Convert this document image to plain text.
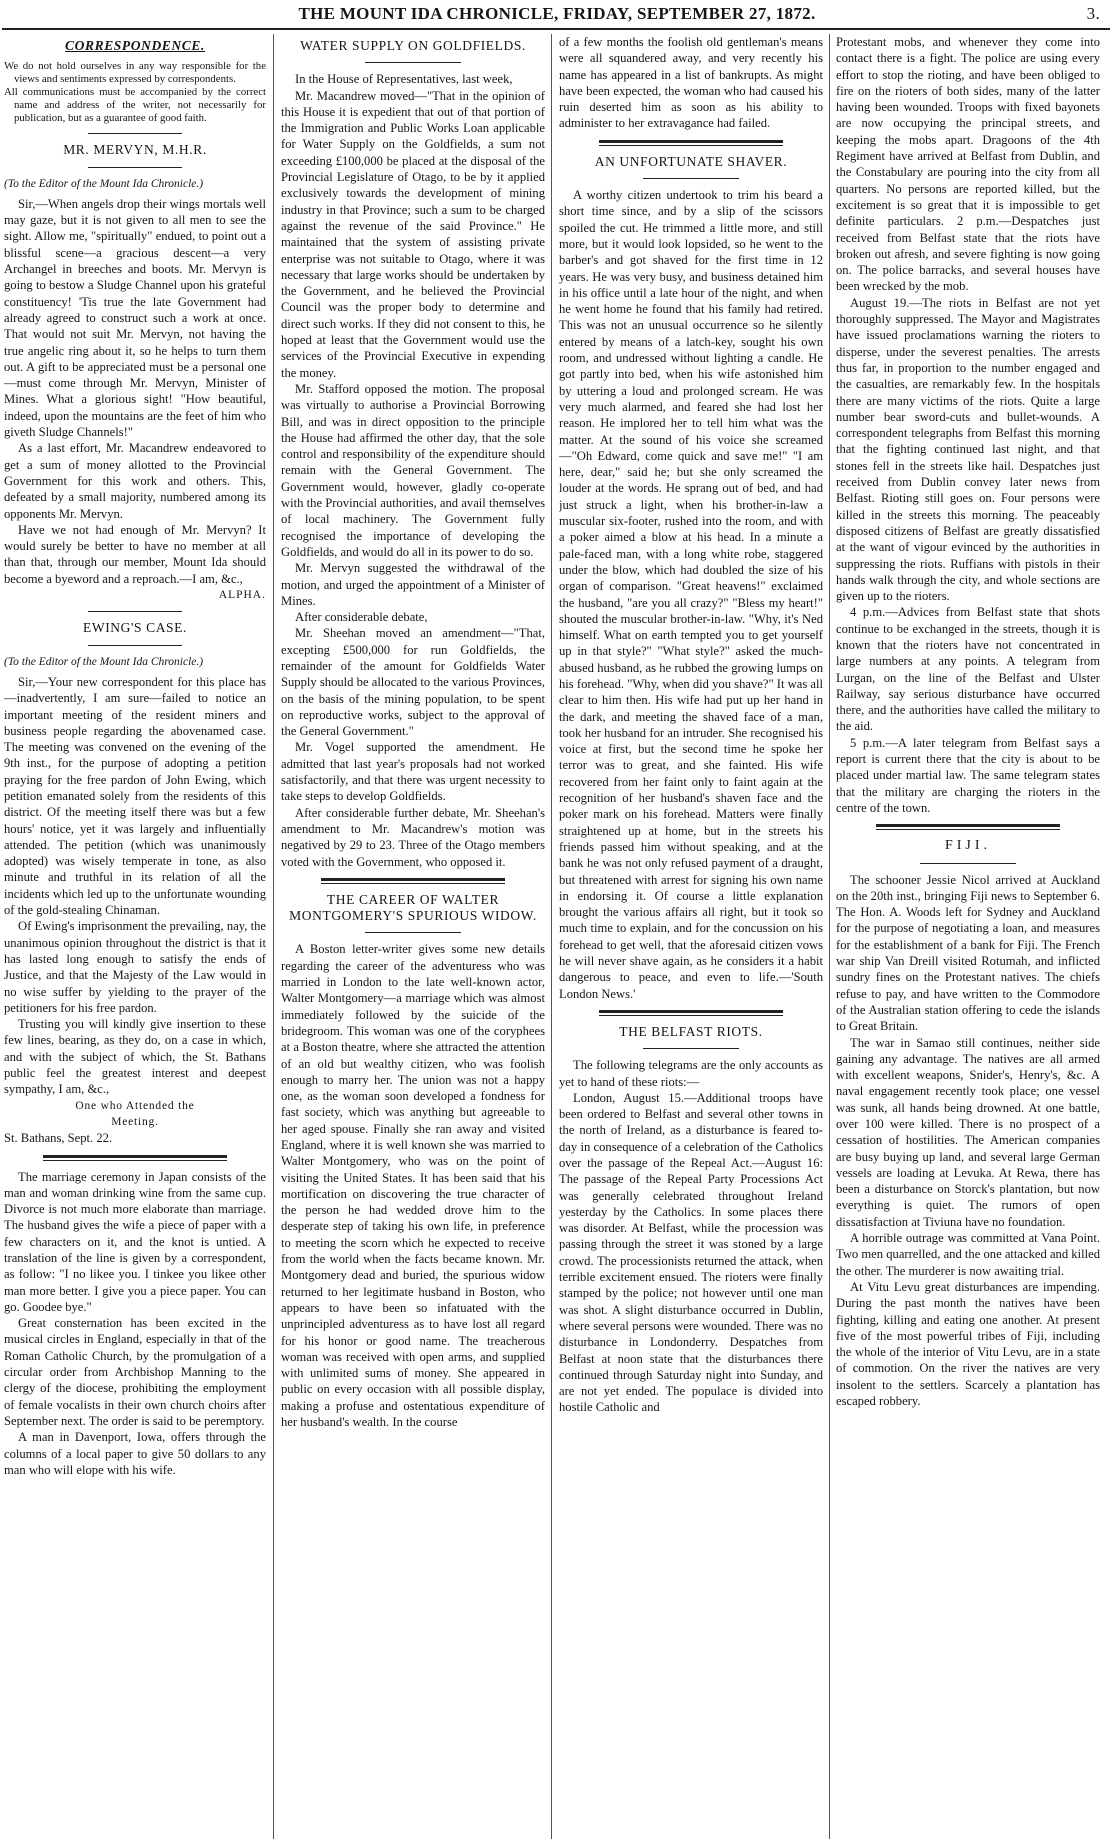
THE MOUNT IDA CHRONICLE, FRIDAY, SEPTEMBER 27, 1872.	3.
CORRESPONDENCE.

We do not hold ourselves in any way responsible for the views and sentiments expressed by correspondents.

All communications must be accompanied by the correct name and address of the writer, not necessarily for publication, but as a guarantee of good faith.

MR. MERVYN, M.H.R.

(To the Editor of the Mount Ida Chronicle.)

Sir,—When angels drop their wings mortals well may gaze, but it is not given to all men to see the sight. Allow me, "spiritually" endued, to point out a blissful scene—a gracious descent—a very Archangel in breeches and boots. Mr. Mervyn is going to bestow a Sludge Channel upon his grateful constituency! 'Tis true the late Government had already agreed to construct such a work at once. That would not suit Mr. Mervyn, not having the true angelic ring about it, so he helps to turn them out. A gift to be appreciated must be a personal one—must come through Mr. Mervyn, Minister of Mines. What a glorious sight! "How beautiful, indeed, upon the mountains are the feet of him who giveth Sludge Channels!"

As a last effort, Mr. Macandrew endeavored to get a sum of money allotted to the Provincial Government for this work and others. This, defeated by a small majority, numbered among its opponents Mr. Mervyn.

Have we not had enough of Mr. Mervyn? It would surely be better to have no member at all than that, through our member, Mount Ida should become a byeword and a reproach.—I am, &c.,

ALPHA.
EWING'S CASE.

(To the Editor of the Mount Ida Chronicle.)

Sir,—Your new correspondent for this place has—inadvertently, I am sure—failed to notice an important meeting of the resident miners and business people regarding the abovenamed case. The meeting was convened on the evening of the 9th inst., for the purpose of adopting a petition praying for the free pardon of John Ewing, which petition emanated solely from the residents of this district. Of the meeting itself there was but a few hours' notice, yet it was largely and influentially attended. The petition (which was unanimously adopted) was wisely temperate in tone, as also minute and truthful in its relation of all the incidents which led up to the unfortunate wounding of the gold-stealing Chinaman.

Of Ewing's imprisonment the prevailing, nay, the unanimous opinion throughout the district is that it has lasted long enough to satisfy the ends of Justice, and that the Majesty of the Law would in no wise suffer by yielding to the prayer of the petitioners for his free pardon.

Trusting you will kindly give insertion to these few lines, bearing, as they do, on a case in which, and with the subject of which, the St. Bathans public feel the greatest interest and deepest sympathy, I am, &c.,

One who Attended the
Meeting.

St. Bathans, Sept. 22.

The marriage ceremony in Japan consists of the man and woman drinking wine from the same cup. Divorce is not much more elaborate than marriage. The husband gives the wife a piece of paper with a few characters on it, and the knot is untied. A translation of the line is given by a correspondent, as follow: "I no likee you. I tinkee you likee other man more better. I give you a piece paper. You can go. Goodee bye."

Great consternation has been excited in the musical circles in England, especially in that of the Roman Catholic Church, by the promulgation of a circular order from Archbishop Manning to the clergy of the diocese, prohibiting the employment of female vocalists in their own church choirs after September next. The order is said to be peremptory.

A man in Davenport, Iowa, offers through the columns of a local paper to give 50 dollars to any man who will elope with his wife.

WATER SUPPLY ON GOLDFIELDS.

In the House of Representatives, last week,

Mr. Macandrew moved—"That in the opinion of this House it is expedient that out of that portion of the Immigration and Public Works Loan applicable for Water Supply on the Goldfields, a sum not exceeding £100,000 be placed at the disposal of the Provincial Legislature of Otago, to be by it applied exclusively towards the development of mining industry in that Province; such a sum to be charged against the revenue of the said Province." He maintained that the system of assisting private enterprise was not suitable to Otago, where it was necessary that large works should be undertaken by the Government, and he believed the Provincial Council was the proper body to determine and direct such works. If they did not consent to this, he hoped at least that the Government would use the services of the Provincial Executive in expending the money.

Mr. Stafford opposed the motion. The proposal was virtually to authorise a Provincial Borrowing Bill, and was in direct opposition to the principle the House had affirmed the other day, that the sole control and responsibility of the expenditure should remain with the General Government. The Government would, however, gladly co-operate with the Provincial authorities, and avail themselves of local machinery. The Government fully recognised the importance of developing the Goldfields, and would do all in its power to do so.

Mr. Mervyn suggested the withdrawal of the motion, and urged the appointment of a Minister of Mines.

After considerable debate,

Mr. Sheehan moved an amendment—"That, excepting £500,000 for run Goldfields, the remainder of the amount for Goldfields Water Supply should be allocated to the various Provinces, on the basis of the mining population, to be spent on reproductive works, subject to the approval of the General Government."

Mr. Vogel supported the amendment. He admitted that last year's proposals had not worked satisfactorily, and that there was urgent necessity to take steps to develop Goldfields.

After considerable further debate, Mr. Sheehan's amendment to Mr. Macandrew's motion was negatived by 29 to 23. Three of the Otago members voted with the Government, who opposed it.

THE CAREER OF WALTER MONTGOMERY'S SPURIOUS WIDOW.

A Boston letter-writer gives some new details regarding the career of the adventuress who was married in London to the late well-known actor, Walter Montgomery—a marriage which was almost immediately followed by the suicide of the bridegroom. This woman was one of the coryphees at a Boston theatre, where she attracted the attention of an old but wealthy citizen, who was foolish enough to marry her. The union was not a happy one, as the woman soon developed a fondness for fast society, which was anything but agreeable to her aged spouse. Finally she ran away and visited England, where it is well known she was married to Walter Montgomery, who was on the point of visiting the United States. It has been said that his mortification on discovering the true character of the person he had wedded drove him to the desperate step of taking his own life, in preference to meeting the scorn which he expected to receive from the world when the facts became known. Mr. Montgomery dead and buried, the spurious widow returned to her legitimate husband in Boston, who appears to have been so infatuated with the unprincipled adventuress as to have lost all regard for his honor or good name. The treacherous woman was received with open arms, and supplied with unlimited sums of money. She appeared in public on every occasion with all possible display, making a profuse and ostentatious expenditure of her husband's wealth. In the course

of a few months the foolish old gentleman's means were all squandered away, and very recently his name has appeared in a list of bankrupts. As might have been expected, the woman who had caused his ruin deserted him as soon as his ability to administer to her extravagance had failed.

AN UNFORTUNATE SHAVER.

A worthy citizen undertook to trim his beard a short time since, and by a slip of the scissors spoiled the cut. He trimmed a little more, and still more, but it would look lopsided, so he went to the barber's and got shaved for the first time in 12 years. He was very busy, and business detained him in his office until a late hour of the night, and when he went home he found that his family had retired. This was not an unusual occurrence so he silently entered by means of a latch-key, sought his own room, and undressed without lighting a candle. He got partly into bed, when his wife astonished him by uttering a loud and prolonged scream. He was very much alarmed, and feared she had lost her reason. He implored her to tell him what was the matter. At the sound of his voice she screamed—"Oh Edward, come quick and save me!" "I am here, dear," said he; but she only screamed the louder at the words. He sprang out of bed, and had just struck a light, when his brother-in-law a muscular six-footer, rushed into the room, and with a poker aimed a blow at his head. In a minute a pale-faced man, with a long white robe, staggered under the blow, which had doubled the size of his organ of comparison. "Great heavens!" exclaimed the husband, "are you all crazy?" "Bless my heart!" shouted the muscular brother-in-law. "Why, it's Ned himself. What on earth tempted you to get yourself up in that style?" "What style?" asked the much-abused husband, as he rubbed the growing lumps on his forehead. "Why, when did you shave?" It was all clear to him then. His wife had put up her hand in the dark, and meeting the shaved face of a man, took her husband for an intruder. She recognised his voice at first, but the second time he spoke her terror was to great, and she fainted. His wife recovered from her faint only to faint again at the recognition of her husband's shaven face and the poker mark on his forehead. Matters were finally straightened up at home, but in the streets his friends passed him without speaking, and at the bank he was not only refused payment of a draught, but threatened with arrest for signing his own name in endorsing it. Of course a little explanation brought the various affairs all right, but it took so much time to explain, and for the concussion on his forehead to get well, that the aforesaid citizen vows he will never shave again, as he considers it a habit dangerous to peace, and even to life.—'South London News.'

THE BELFAST RIOTS.

The following telegrams are the only accounts as yet to hand of these riots:—

London, August 15.—Additional troops have been ordered to Belfast and several other towns in the north of Ireland, as a disturbance is feared to-day in consequence of a celebration of the Catholics over the passage of the Repeal Act.—August 16: The passage of the Repeal Party Processions Act was generally celebrated throughout Ireland yesterday by the Catholics. In some places there was disorder. At Belfast, while the procession was passing through the street it was stoned by a large crowd. The processionists returned the attack, when terrible excitement ensued. The rioters were finally stamped by the police; not however until one man was shot. A slight disturbance occurred in Dublin, where several persons were wounded. There was no disturbance in Londonderry. Despatches from Belfast at noon state that the disturbances there continued through Saturday night into Sunday, and are not yet ended. The populace is divided into hostile Catholic and

Protestant mobs, and whenever they come into contact there is a fight. The police are using every effort to stop the rioting, and have been obliged to fire on the rioters of both sides, many of the latter having been wounded. Troops with fixed bayonets are now occupying the principal streets, and keeping the mobs apart. Dragoons of the 4th Regiment have arrived at Belfast from Dublin, and the Constabulary are pouring into the city from all quarters. No persons are reported killed, but the excitement is so great that it is impossible to get definite particulars. 2 p.m.—Despatches just received from Belfast state that the riots have broken out afresh, and severe fighting is now going on. The police barracks, and several houses have been wrecked by the mob.

August 19.—The riots in Belfast are not yet thoroughly suppressed. The Mayor and Magistrates have issued proclamations warning the rioters to disperse, under the severest penalties. The arrests thus far, in proportion to the number engaged and the casualties, are remarkably few. In the hospitals there are many victims of the riots. Quite a large number bear sword-cuts and bullet-wounds. A correspondent telegraphs from Belfast this morning that the fighting continued last night, and that stones fell in the streets like hail. Despatches just received from Dublin convey later news from Belfast. Rioting still goes on. Four persons were killed in the streets this morning. The peaceably disposed citizens of Belfast are greatly dissatisfied at the want of vigour evinced by the authorities in suppressing the riots. Ruffians with pistols in their hands walk through the city, and whole sections are given up to the rioters.

4 p.m.—Advices from Belfast state that shots continue to be exchanged in the streets, though it is known that the rioters have not concentrated in large numbers at any points. A telegram from Lurgan, on the line of the Belfast and Ulster Railway, say serious disturbance have occurred there, and the authorities have called the military to the aid.

5 p.m.—A later telegram from Belfast says a report is current there that the city is about to be placed under martial law. The same telegram states that the military are charging the rioters in the centre of the town.

FIJI.

The schooner Jessie Nicol arrived at Auckland on the 20th inst., bringing Fiji news to September 6. The Hon. A. Woods left for Sydney and Auckland for the purpose of negotiating a loan, and measures for the establishment of a bank for Fiji. The French war ship Van Dreill visited Rotumah, and inflicted sundry fines on the Protestant natives. The chiefs refuse to pay, and have written to the Commodore of the Australian station offering to cede the islands to Great Britain.

The war in Samao still continues, neither side gaining any advantage. The natives are all armed with excellent weapons, Snider's, Henry's, &c. A naval engagement recently took place; one vessel was sunk, all hands being drowned. At one battle, over 100 were killed. There is no prospect of a cessation of hostilities. The American companies are busy buying up land, and several large German vessels are loading at Levuka. At Rewa, there has been a disturbance on Storck's plantation, but now everything is quiet. The rumors of open dissatisfaction at Tiviuna have no foundation.

A horrible outrage was committed at Vana Point. Two men quarrelled, and the one attacked and killed the other. The murderer is now awaiting trial.

At Vitu Levu great disturbances are impending. During the past month the natives have been fighting, killing and eating one another. At present five of the most powerful tribes of Fiji, including the whole of the interior of Vitu Levu, are in a state of commotion. On the river the natives are very insolent to the settlers. Scarcely a plantation has escaped robbery.
